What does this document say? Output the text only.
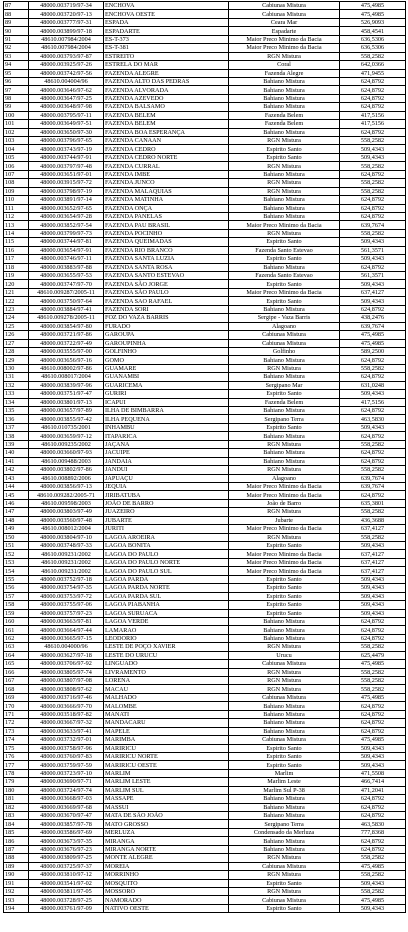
87	48000.003719/97-34	ENCHOVA	Cabiunas Mistura	475,4985
88	48000.003720/97-13	ENCHOVA OESTE	Cabiunas Mistura	475,4985
89	48000.003777/97-31	ESPADA	Ceara Mar	526,9093
90	48000.003899/97-18	ESPADARTE	Espadarte	458,4541
91	48610.007984/2004	ES-T-373	Maior Preco Minimo da Bacia	636,5306
92	48610.007984/2004	ES-T-381	Maior Preco Minimo da Bacia	636,5306
93	48000.003793/97-87	ESTREITO	RGN Mistura	558,2582
94	48000.003925/97-26	ESTRELA DO MAR	Coral	642,0366
95	48000.003742/97-56	FAZENDA ALEGRE	Fazenda Alegre	471,9455
96	48610.004004/96	FAZENDA ALTO DAS PEDRAS	Bahiano Mistura	624,8792
97	48000.003646/97-62	FAZENDA ALVORADA	Bahiano Mistura	624,8792
98	48000.003647/97-25	FAZENDA AZEVEDO	Bahiano Mistura	624,8792
99	48000.003648/97-98	FAZENDA BALSAMO	Bahiano Mistura	624,8792
100	48000.003795/97-11	FAZENDA BELEM	Fazenda Belem	417,5156
101	48000.003649/97-51	FAZENDA BELEM	Fazenda Belem	417,5156
102	48000.003650/97-30	FAZENDA BOA ESPERANÇA	Bahiano Mistura	624,8792
103	48000.003796/97-65	FAZENDA CANAAN	RGN Mistura	558,2582
104	48000.003743/97-19	FAZENDA CEDRO	Espirito Santo	509,4343
105	48000.003744/97-91	FAZENDA CEDRO NORTE	Espirito Santo	509,4343
106	48000.003797/97-48	FAZENDA CURRAL	RGN Mistura	558,2582
107	48000.003651/97-01	FAZENDA IMBE	Bahiano Mistura	624,8792
108	48000.003915/97-72	FAZENDA JUNCO	RGN Mistura	558,2582
109	48000.003798/97-19	FAZENDA MALAQUIAS	RGN Mistura	558,2582
110	48000.003891/97-14	FAZENDA MATINHA	Bahiano Mistura	624,8792
111	48000.003652/97-65	FAZENDA ONÇA	Bahiano Mistura	624,8792
112	48000.003654/97-28	FAZENDA PANELAS	Bahiano Mistura	624,8792
113	48000.003852/97-54	FAZENDA PAU BRASIL	Maior Preco Minimo da Bacia	639,7674
114	48000.003799/97-73	FAZENDA POCINHO	RGN Mistura	558,2582
115	48000.003744/97-81	FAZENDA QUEIMADAS	Espirito Santo	509,4343
116	48000.003654/97-91	FAZENDA RIO BRANCO	Fazenda Santo Estevao	561,3571
117	48000.003746/97-11	FAZENDA SANTA LUZIA	Espirito Santo	509,4343
118	48000.003883/97-88	FAZENDA SANTA ROSA	Bahiano Mistura	624,8792
119	48000.003655/97-53	FAZENDA SANTO ESTEVAO	Fazenda Santo Estevao	561,3571
120	48000.003747/97-70	FAZENDA SÃO JORGE	Espirito Santo	509,4343
121	48610.009287/2005-11	FAZENDA SÃO PAULO	Maior Preco Minimo da Bacia	637,4127
122	48000.003750/97-64	FAZENDA SAO RAFAEL	Espirito Santo	509,4343
123	48000.003884/97-41	FAZENDA SORI	Bahiano Mistura	624,8792
124	48610.009278/2005-11	FOZ DO VAZA BARRIS	Sergipe - Vaza Barris	438,2476
125	48000.003854/97-80	FURADO	Alagoano	639,7674
126	48000.003721/97-86	GAROUPA	Cabiunas Mistura	475,4985
127	48000.003722/97-49	GAROUPINHA	Cabiunas Mistura	475,4985
128	48000.003555/97-00	GOLFINHO	Golfinho	589,2500
129	48000.003656/97-16	GOMO	Bahiano Mistura	624,8792
130	48610.008002/97-86	GUAMARE	RGN Mistura	558,2582
131	48610.008017/2004	GUANAMBI	Bahiano Mistura	624,8792
132	48000.003839/97-96	GUARICEMA	Sergipano Mar	631,0248
133	48000.003751/97-47	GURIRI	Espirito Santo	509,4343
134	48000.003801/97-13	ICAPUI	Fazenda Belem	417,5156
135	48000.003657/97-89	ILHA DE BIMBARRA	Bahiano Mistura	624,8792
136	48000.003855/97-42	ILHA PEQUENA	Sergipano Terra	463,5830
137	48610.010735/2001	INHAMBU	Espirito Santo	509,4343
138	48000.003659/97-12	ITAPARICA	Bahiano Mistura	624,8792
139	48610.009235/2002	JAÇANA	RGN Mistura	558,2582
140	48000.003660/97-93	JACUIPE	Bahiano Mistura	624,8792
141	48610.009488/2003	JANDAIA	Bahiano Mistura	624,8792
142	48000.003802/97-86	JANDUI	RGN Mistura	558,2582
143	48610.008892/2006	JAPUAÇU	Alagoano	639,7674
144	48000.003856/97-13	JEQUIA	Maior Preco Minimo da Bacia	639,7674
145	48610.009282/2005-71	JIRIBATUBA	Maior Preco Minimo da Bacia	624,8792
146	48610.009598/2003	JOÃO DE BARRO	João de Barro	635,3801
147	48000.003803/97-49	JUAZEIRO	RGN Mistura	558,2582
148	48000.003560/97-48	JUBARTE	Jubarte	436,3688
149	48610.008012/2004	JURITI	Maior Preco Minimo da Bacia	637,4127
150	48000.003804/97-10	LAGOA AROEIRA	RGN Mistura	558,2582
151	48000.003748/97-33	LAGOA BONITA	Espirito Santo	509,4343
152	48610.009231/2002	LAGOA DO PAULO	Maior Preco Minimo da Bacia	637,4127
153	48610.009231/2002	LAGOA DO PAULO NORTE	Maior Preco Minimo da Bacia	637,4127
154	48610.009231/2002	LAGOA DO PAULO SUL	Maior Preco Minimo da Bacia	637,4127
155	48000.003752/97-18	LAGOA PARDA	Espirito Santo	509,4343
156	48000.003754/97-35	LAGOA PARDA NORTE	Espirito Santo	509,4343
157	48000.003753/97-72	LAGOA PARDA SUL	Espirito Santo	509,4343
158	48000.003755/97-06	LAGOA PIABANHA	Espirito Santo	509,4343
159	48000.003757/97-23	LAGOA SURUACA	Espirito Santo	509,4343
160	48000.003663/97-81	LAGOA VERDE	Bahiano Mistura	624,8792
161	48000.003664/97-44	LAMARAO	Bahiano Mistura	624,8792
162	48000.003665/97-15	LEODORIO	Bahiano Mistura	624,8792
163	48610.004000/96	LESTE DE POÇO XAVIER	RGN Mistura	558,2582
164	48000.003627/97-18	LESTE DO URUCU	Urucu	625,4479
165	48000.003706/97-92	LINGUADO	Cabiunas Mistura	475,4985
166	48000.003805/97-74	LIVRAMENTO	RGN Mistura	558,2582
167	48000.003807/97-08	LORENA	RGN Mistura	558,2582
168	48000.003808/97-62	MACAU	RGN Mistura	558,2582
169	48000.003716/97-46	MALHADO	Cabiunas Mistura	475,4985
170	48000.003666/97-70	MALOMBE	Bahiano Mistura	624,8792
171	48000.003518/97-82	MANATI	Bahiano Mistura	624,8792
172	48000.003667/97-32	MANDACARU	Bahiano Mistura	624,8792
173	48000.003633/97-41	MAPELE	Bahiano Mistura	624,8792
174	48000.003732/97-01	MARIMBA	Cabiunas Mistura	475,4985
175	48000.003758/97-96	MARIRICU	Espirito Santo	509,4343
176	48000.003760/97-83	MARIRICU NORTE	Espirito Santo	509,4343
177	48000.003759/97-59	MARIRICU OESTE	Espirito Santo	509,4343
178	48000.003723/97-10	MARLIM	Marlim	471,5508
179	48000.003690/97-71	MARLIM LESTE	Marlim Leste	466,7414
180	48000.003724/97-74	MARLIM SUL	Marlim Sul P-38	471,2041
181	48000.003668/97-03	MASSAPE	Bahiano Mistura	624,8792
182	48000.003669/97-68	MASSUI	Bahiano Mistura	624,8792
183	48000.003670/97-47	MATA DE SÃO JOÃO	Bahiano Mistura	624,8792
184	48000.003857/97-78	MATO GROSSO	Sergipano Terra	463,5830
185	48000.003586/97-69	MERLUZA	Condensado da Merluza	777,8368
186	48000.003673/97-35	MIRANGA	Bahiano Mistura	624,8792
187	48000.003676/97-23	MIRANGA NORTE	Bahiano Mistura	624,8792
188	48000.003809/97-25	MONTE ALEGRE	RGN Mistura	558,2582
189	48000.003725/97-37	MOREIA	Cabiunas Mistura	475,4985
190	48000.003810/97-12	MORRINHO	RGN Mistura	558,2582
191	48000.003541/97-02	MOSQUITO	Espirito Santo	509,4343
192	48000.003811/97-05	MOSSORO	RGN Mistura	558,2582
193	48000.003728/97-25	NAMORADO	Cabiunas Mistura	475,4985
194	48000.003761/97-09	NATIVO OESTE	Espirito Santo	509,4343
